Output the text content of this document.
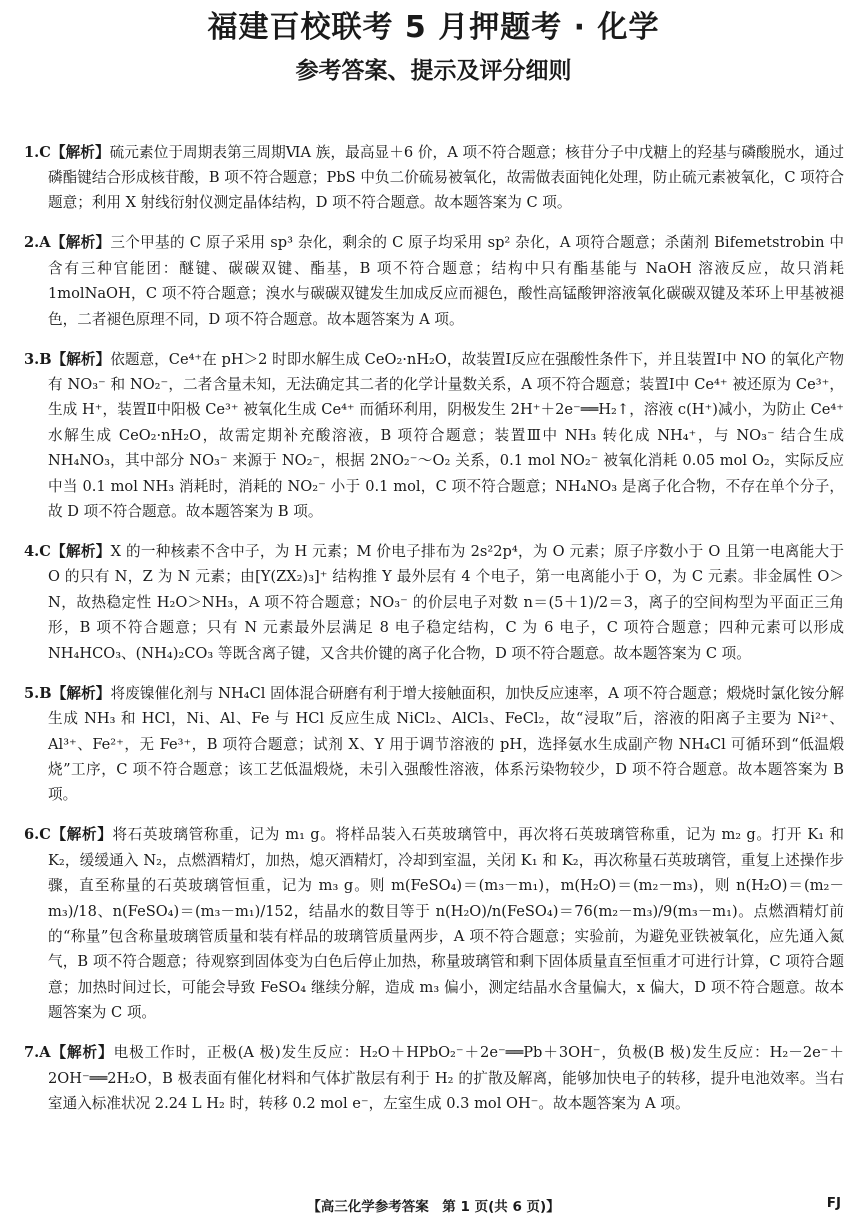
福建百校联考 5 月押题考 · 化学
参考答案、提示及评分细则

1.C【解析】硫元素位于周期表第三周期ⅥA 族，最高显＋6 价，A 项不符合题意；核苷分子中戊糖上的羟基与磷酸脱水，通过磷酯键结合形成核苷酸，B 项不符合题意；PbS 中负二价硫易被氧化，故需做表面钝化处理，防止硫元素被氧化，C 项符合题意；利用 X 射线衍射仪测定晶体结构，D 项不符合题意。故本题答案为 C 项。

2.A【解析】三个甲基的 C 原子采用 sp³ 杂化，剩余的 C 原子均采用 sp² 杂化，A 项符合题意；杀菌剂 Bifemetstrobin 中含有三种官能团：醚键、碳碳双键、酯基，B 项不符合题意；结构中只有酯基能与 NaOH 溶液反应，故只消耗 1molNaOH，C 项不符合题意；溴水与碳碳双键发生加成反应而褪色，酸性高锰酸钾溶液氧化碳碳双键及苯环上甲基被褪色，二者褪色原理不同，D 项不符合题意。故本题答案为 A 项。

3.B【解析】依题意，Ce⁴⁺在 pH＞2 时即水解生成 CeO₂·nH₂O，故装置Ⅰ反应在强酸性条件下，并且装置Ⅰ中 NO 的氧化产物有 NO₃⁻ 和 NO₂⁻，二者含量未知，无法确定其二者的化学计量数关系，A 项不符合题意；装置Ⅰ中 Ce⁴⁺ 被还原为 Ce³⁺，生成 H⁺，装置Ⅱ中阳极 Ce³⁺ 被氧化生成 Ce⁴⁺ 而循环利用，阴极发生 2H⁺＋2e⁻══H₂↑，溶液 c(H⁺)减小，为防止 Ce⁴⁺ 水解生成 CeO₂·nH₂O，故需定期补充酸溶液，B 项符合题意；装置Ⅲ中 NH₃ 转化成 NH₄⁺，与 NO₃⁻ 结合生成 NH₄NO₃，其中部分 NO₃⁻ 来源于 NO₂⁻，根据 2NO₂⁻～O₂ 关系，0.1 mol NO₂⁻ 被氧化消耗 0.05 mol O₂，实际反应中当 0.1 mol NH₃ 消耗时，消耗的 NO₂⁻ 小于 0.1 mol，C 项不符合题意；NH₄NO₃ 是离子化合物，不存在单个分子，故 D 项不符合题意。故本题答案为 B 项。

4.C【解析】X 的一种核素不含中子，为 H 元素；M 价电子排布为 2s²2p⁴，为 O 元素；原子序数小于 O 且第一电离能大于 O 的只有 N，Z 为 N 元素；由[Y(ZX₂)₃]⁺ 结构推 Y 最外层有 4 个电子，第一电离能小于 O，为 C 元素。非金属性 O＞N，故热稳定性 H₂O＞NH₃，A 项不符合题意；NO₃⁻ 的价层电子对数 n＝(5＋1)/2＝3，离子的空间构型为平面正三角形，B 项不符合题意；只有 N 元素最外层满足 8 电子稳定结构，C 为 6 电子，C 项符合题意；四种元素可以形成 NH₄HCO₃、(NH₄)₂CO₃ 等既含离子键，又含共价键的离子化合物，D 项不符合题意。故本题答案为 C 项。

5.B【解析】将废镍催化剂与 NH₄Cl 固体混合研磨有利于增大接触面积，加快反应速率，A 项不符合题意；煅烧时氯化铵分解生成 NH₃ 和 HCl，Ni、Al、Fe 与 HCl 反应生成 NiCl₂、AlCl₃、FeCl₂，故“浸取”后，溶液的阳离子主要为 Ni²⁺、Al³⁺、Fe²⁺，无 Fe³⁺，B 项符合题意；试剂 X、Y 用于调节溶液的 pH，选择氨水生成副产物 NH₄Cl 可循环到“低温煅烧”工序，C 项不符合题意；该工艺低温煅烧，未引入强酸性溶液，体系污染物较少，D 项不符合题意。故本题答案为 B 项。

6.C【解析】将石英玻璃管称重，记为 m₁ g。将样品装入石英玻璃管中，再次将石英玻璃管称重，记为 m₂ g。打开 K₁ 和 K₂，缓缓通入 N₂，点燃酒精灯，加热，熄灭酒精灯，冷却到室温，关闭 K₁ 和 K₂，再次称量石英玻璃管，重复上述操作步骤，直至称量的石英玻璃管恒重，记为 m₃ g。则 m(FeSO₄)＝(m₃－m₁)，m(H₂O)＝(m₂－m₃)，则 n(H₂O)＝(m₂－m₃)/18、n(FeSO₄)＝(m₃－m₁)/152，结晶水的数目等于 n(H₂O)/n(FeSO₄)＝76(m₂－m₃)/9(m₃－m₁)。点燃酒精灯前的“称量”包含称量玻璃管质量和装有样品的玻璃管质量两步，A 项不符合题意；实验前，为避免亚铁被氧化，应先通入氮气，B 项不符合题意；待观察到固体变为白色后停止加热，称量玻璃管和剩下固体质量直至恒重才可进行计算，C 项符合题意；加热时间过长，可能会导致 FeSO₄ 继续分解，造成 m₃ 偏小，测定结晶水含量偏大，x 偏大，D 项不符合题意。故本题答案为 C 项。

7.A【解析】电极工作时，正极(A 极)发生反应：H₂O＋HPbO₂⁻＋2e⁻══Pb＋3OH⁻，负极(B 极)发生反应：H₂－2e⁻＋2OH⁻══2H₂O，B 极表面有催化材料和气体扩散层有利于 H₂ 的扩散及解离，能够加快电子的转移，提升电池效率。当右室通入标准状况 2.24 L H₂ 时，转移 0.2 mol e⁻，左室生成 0.3 mol OH⁻。故本题答案为 A 项。

【高三化学参考答案　第 1 页(共 6 页)】	FJ
